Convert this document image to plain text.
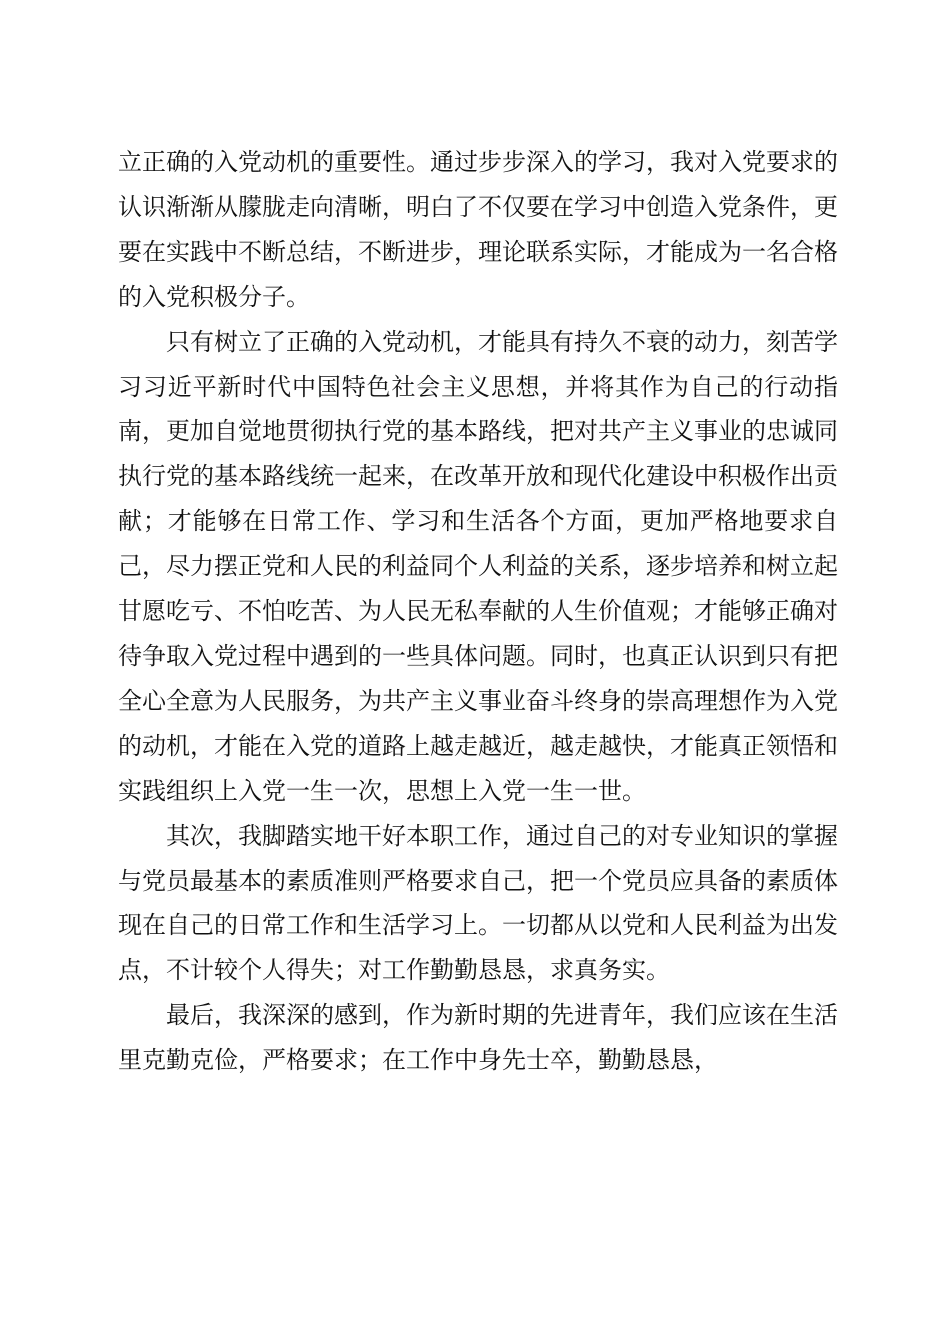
立正确的入党动机的重要性。通过步步深入的学习，我对入党要求的认识渐渐从朦胧走向清晰，明白了不仅要在学习中创造入党条件，更要在实践中不断总结，不断进步，理论联系实际，才能成为一名合格的入党积极分子。

只有树立了正确的入党动机，才能具有持久不衰的动力，刻苦学习习近平新时代中国特色社会主义思想，并将其作为自己的行动指南，更加自觉地贯彻执行党的基本路线，把对共产主义事业的忠诚同执行党的基本路线统一起来，在改革开放和现代化建设中积极作出贡献；才能够在日常工作、学习和生活各个方面，更加严格地要求自己，尽力摆正党和人民的利益同个人利益的关系，逐步培养和树立起甘愿吃亏、不怕吃苦、为人民无私奉献的人生价值观；才能够正确对待争取入党过程中遇到的一些具体问题。同时，也真正认识到只有把全心全意为人民服务，为共产主义事业奋斗终身的崇高理想作为入党的动机，才能在入党的道路上越走越近，越走越快，才能真正领悟和实践组织上入党一生一次，思想上入党一生一世。

其次，我脚踏实地干好本职工作，通过自己的对专业知识的掌握与党员最基本的素质准则严格要求自己，把一个党员应具备的素质体现在自己的日常工作和生活学习上。一切都从以党和人民利益为出发点，不计较个人得失；对工作勤勤恳恳，求真务实。

最后，我深深的感到，作为新时期的先进青年，我们应该在生活里克勤克俭，严格要求；在工作中身先士卒，勤勤恳恳，
